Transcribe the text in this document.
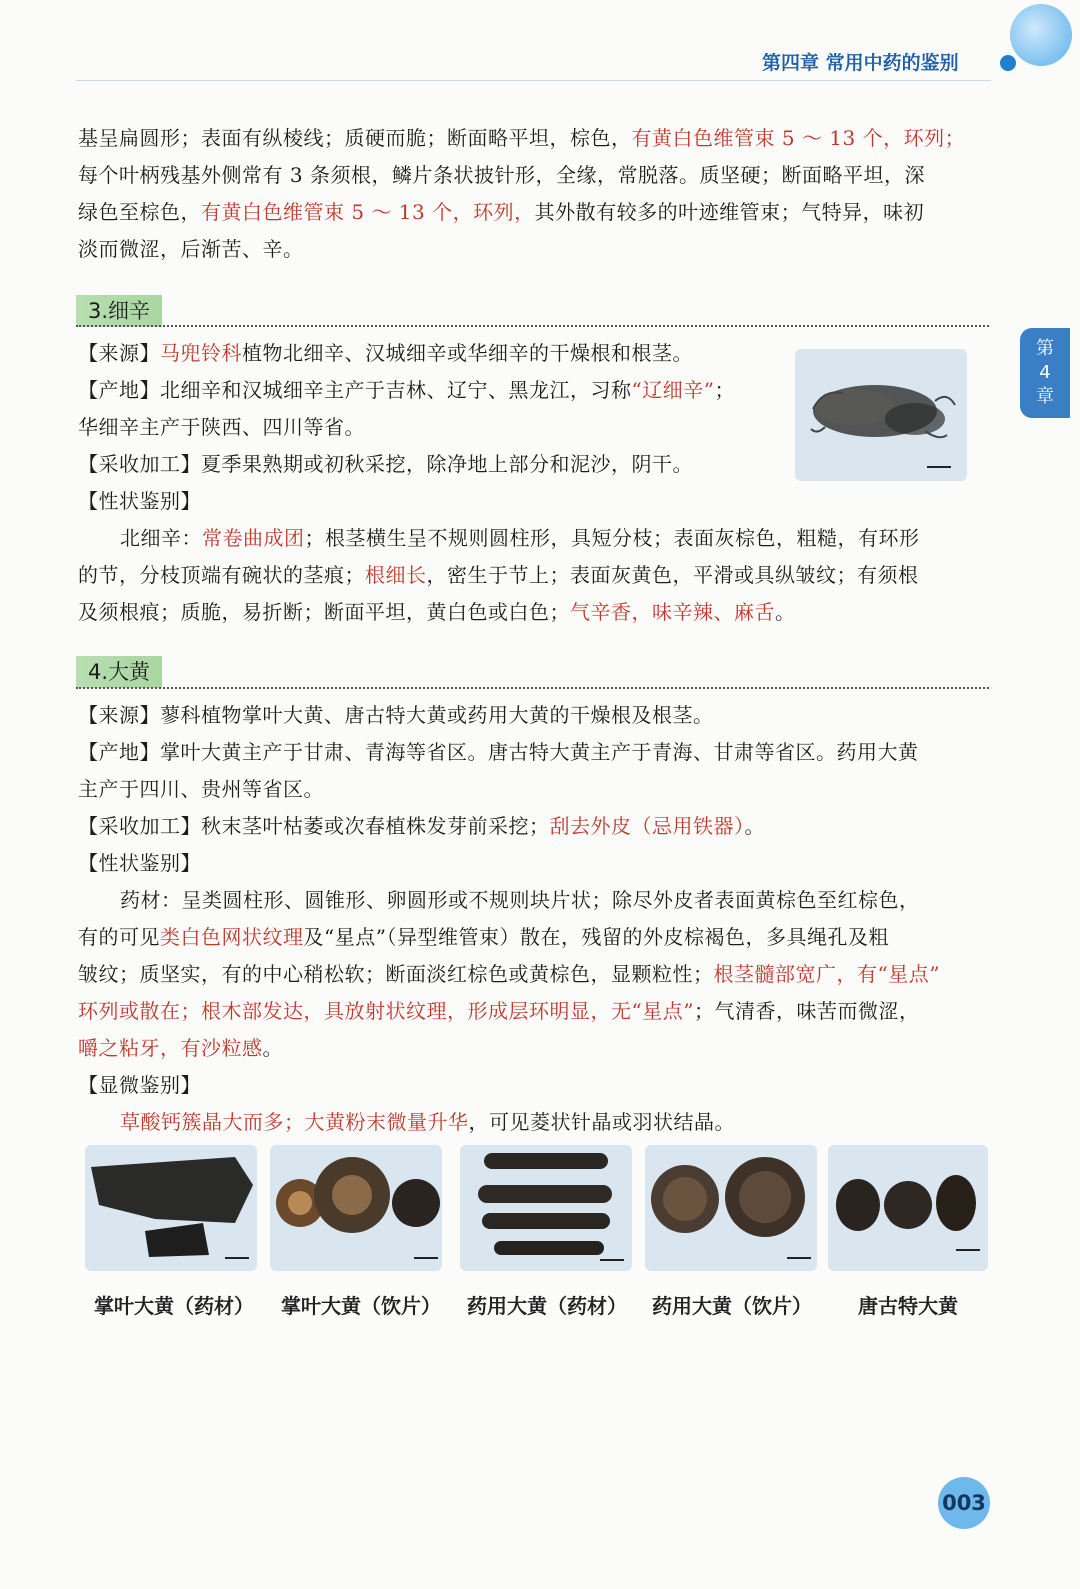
第四章 常用中药的鉴别
第
4
章
基呈扁圆形；表面有纵棱线；质硬而脆；断面略平坦，棕色，有黄白色维管束 5 ～ 13 个，环列；
每个叶柄残基外侧常有 3 条须根，鳞片条状披针形，全缘，常脱落。质坚硬；断面略平坦，深
绿色至棕色，有黄白色维管束 5 ～ 13 个，环列，其外散有较多的叶迹维管束；气特异，味初
淡而微涩，后渐苦、辛。
3.细辛
【来源】马兜铃科植物北细辛、汉城细辛或华细辛的干燥根和根茎。
【产地】北细辛和汉城细辛主产于吉林、辽宁、黑龙江，习称“辽细辛”；
华细辛主产于陕西、四川等省。
【采收加工】夏季果熟期或初秋采挖，除净地上部分和泥沙，阴干。
【性状鉴别】
北细辛：常卷曲成团；根茎横生呈不规则圆柱形，具短分枝；表面灰棕色，粗糙，有环形
的节，分枝顶端有碗状的茎痕；根细长，密生于节上；表面灰黄色，平滑或具纵皱纹；有须根
及须根痕；质脆，易折断；断面平坦，黄白色或白色；气辛香，味辛辣、麻舌。
4.大黄
【来源】蓼科植物掌叶大黄、唐古特大黄或药用大黄的干燥根及根茎。
【产地】掌叶大黄主产于甘肃、青海等省区。唐古特大黄主产于青海、甘肃等省区。药用大黄
主产于四川、贵州等省区。
【采收加工】秋末茎叶枯萎或次春植株发芽前采挖；刮去外皮（忌用铁器）。
【性状鉴别】
药材：呈类圆柱形、圆锥形、卵圆形或不规则块片状；除尽外皮者表面黄棕色至红棕色，
有的可见类白色网状纹理及“星点”（异型维管束）散在，残留的外皮棕褐色，多具绳孔及粗
皱纹；质坚实，有的中心稍松软；断面淡红棕色或黄棕色，显颗粒性；根茎髓部宽广，有“星点”
环列或散在；根木部发达，具放射状纹理，形成层环明显，无“星点”；气清香，味苦而微涩，
嚼之粘牙，有沙粒感。
【显微鉴别】
草酸钙簇晶大而多；大黄粉末微量升华，可见菱状针晶或羽状结晶。
掌叶大黄（药材）	掌叶大黄（饮片）	药用大黄（药材）	药用大黄（饮片）	唐古特大黄
003
